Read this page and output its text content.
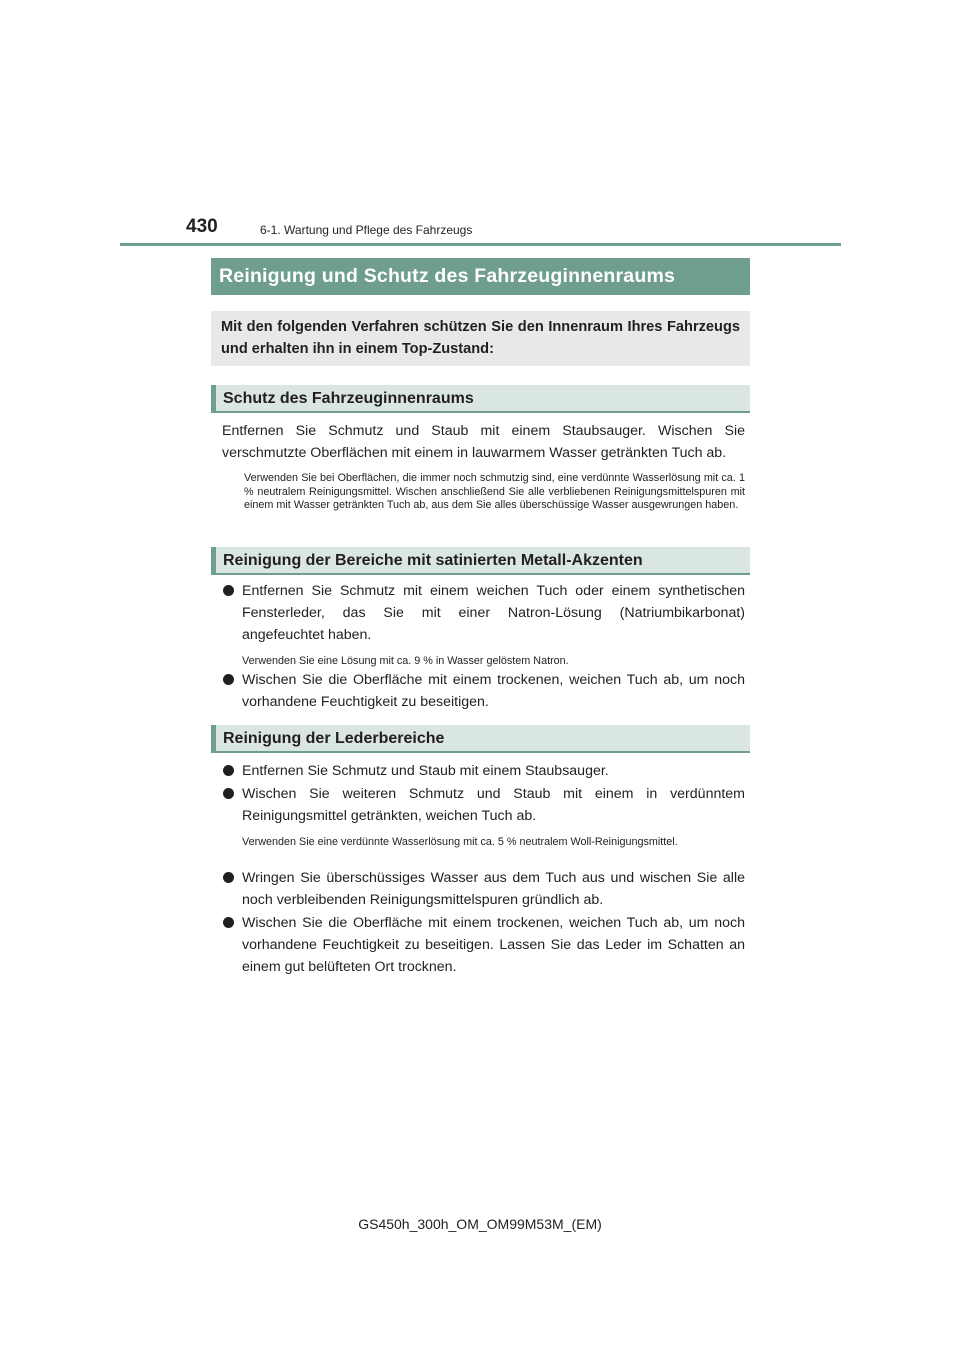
430	6-1. Wartung und Pflege des Fahrzeugs
Reinigung und Schutz des Fahrzeuginnenraums
Mit den folgenden Verfahren schützen Sie den Innenraum Ihres Fahrzeugs und erhalten ihn in einem Top-Zustand:
Schutz des Fahrzeuginnenraums
Entfernen Sie Schmutz und Staub mit einem Staubsauger. Wischen Sie verschmutzte Oberflächen mit einem in lauwarmem Wasser getränkten Tuch ab.
Verwenden Sie bei Oberflächen, die immer noch schmutzig sind, eine verdünnte Wasserlösung mit ca. 1 % neutralem Reinigungsmittel. Wischen anschließend Sie alle verbliebenen Reinigungsmittelspuren mit einem mit Wasser getränkten Tuch ab, aus dem Sie alles überschüssige Wasser ausgewrungen haben.
Reinigung der Bereiche mit satinierten Metall-Akzenten
Entfernen Sie Schmutz mit einem weichen Tuch oder einem synthetischen Fensterleder, das Sie mit einer Natron-Lösung (Natriumbikarbonat) angefeuchtet haben.
Verwenden Sie eine Lösung mit ca. 9 % in Wasser gelöstem Natron.
Wischen Sie die Oberfläche mit einem trockenen, weichen Tuch ab, um noch vorhandene Feuchtigkeit zu beseitigen.
Reinigung der Lederbereiche
Entfernen Sie Schmutz und Staub mit einem Staubsauger.
Wischen Sie weiteren Schmutz und Staub mit einem in verdünntem Reinigungsmittel getränkten, weichen Tuch ab.
Verwenden Sie eine verdünnte Wasserlösung mit ca. 5 % neutralem Woll-Reinigungsmittel.
Wringen Sie überschüssiges Wasser aus dem Tuch aus und wischen Sie alle noch verbleibenden Reinigungsmittelspuren gründlich ab.
Wischen Sie die Oberfläche mit einem trockenen, weichen Tuch ab, um noch vorhandene Feuchtigkeit zu beseitigen. Lassen Sie das Leder im Schatten an einem gut belüfteten Ort trocknen.
GS450h_300h_OM_OM99M53M_(EM)
